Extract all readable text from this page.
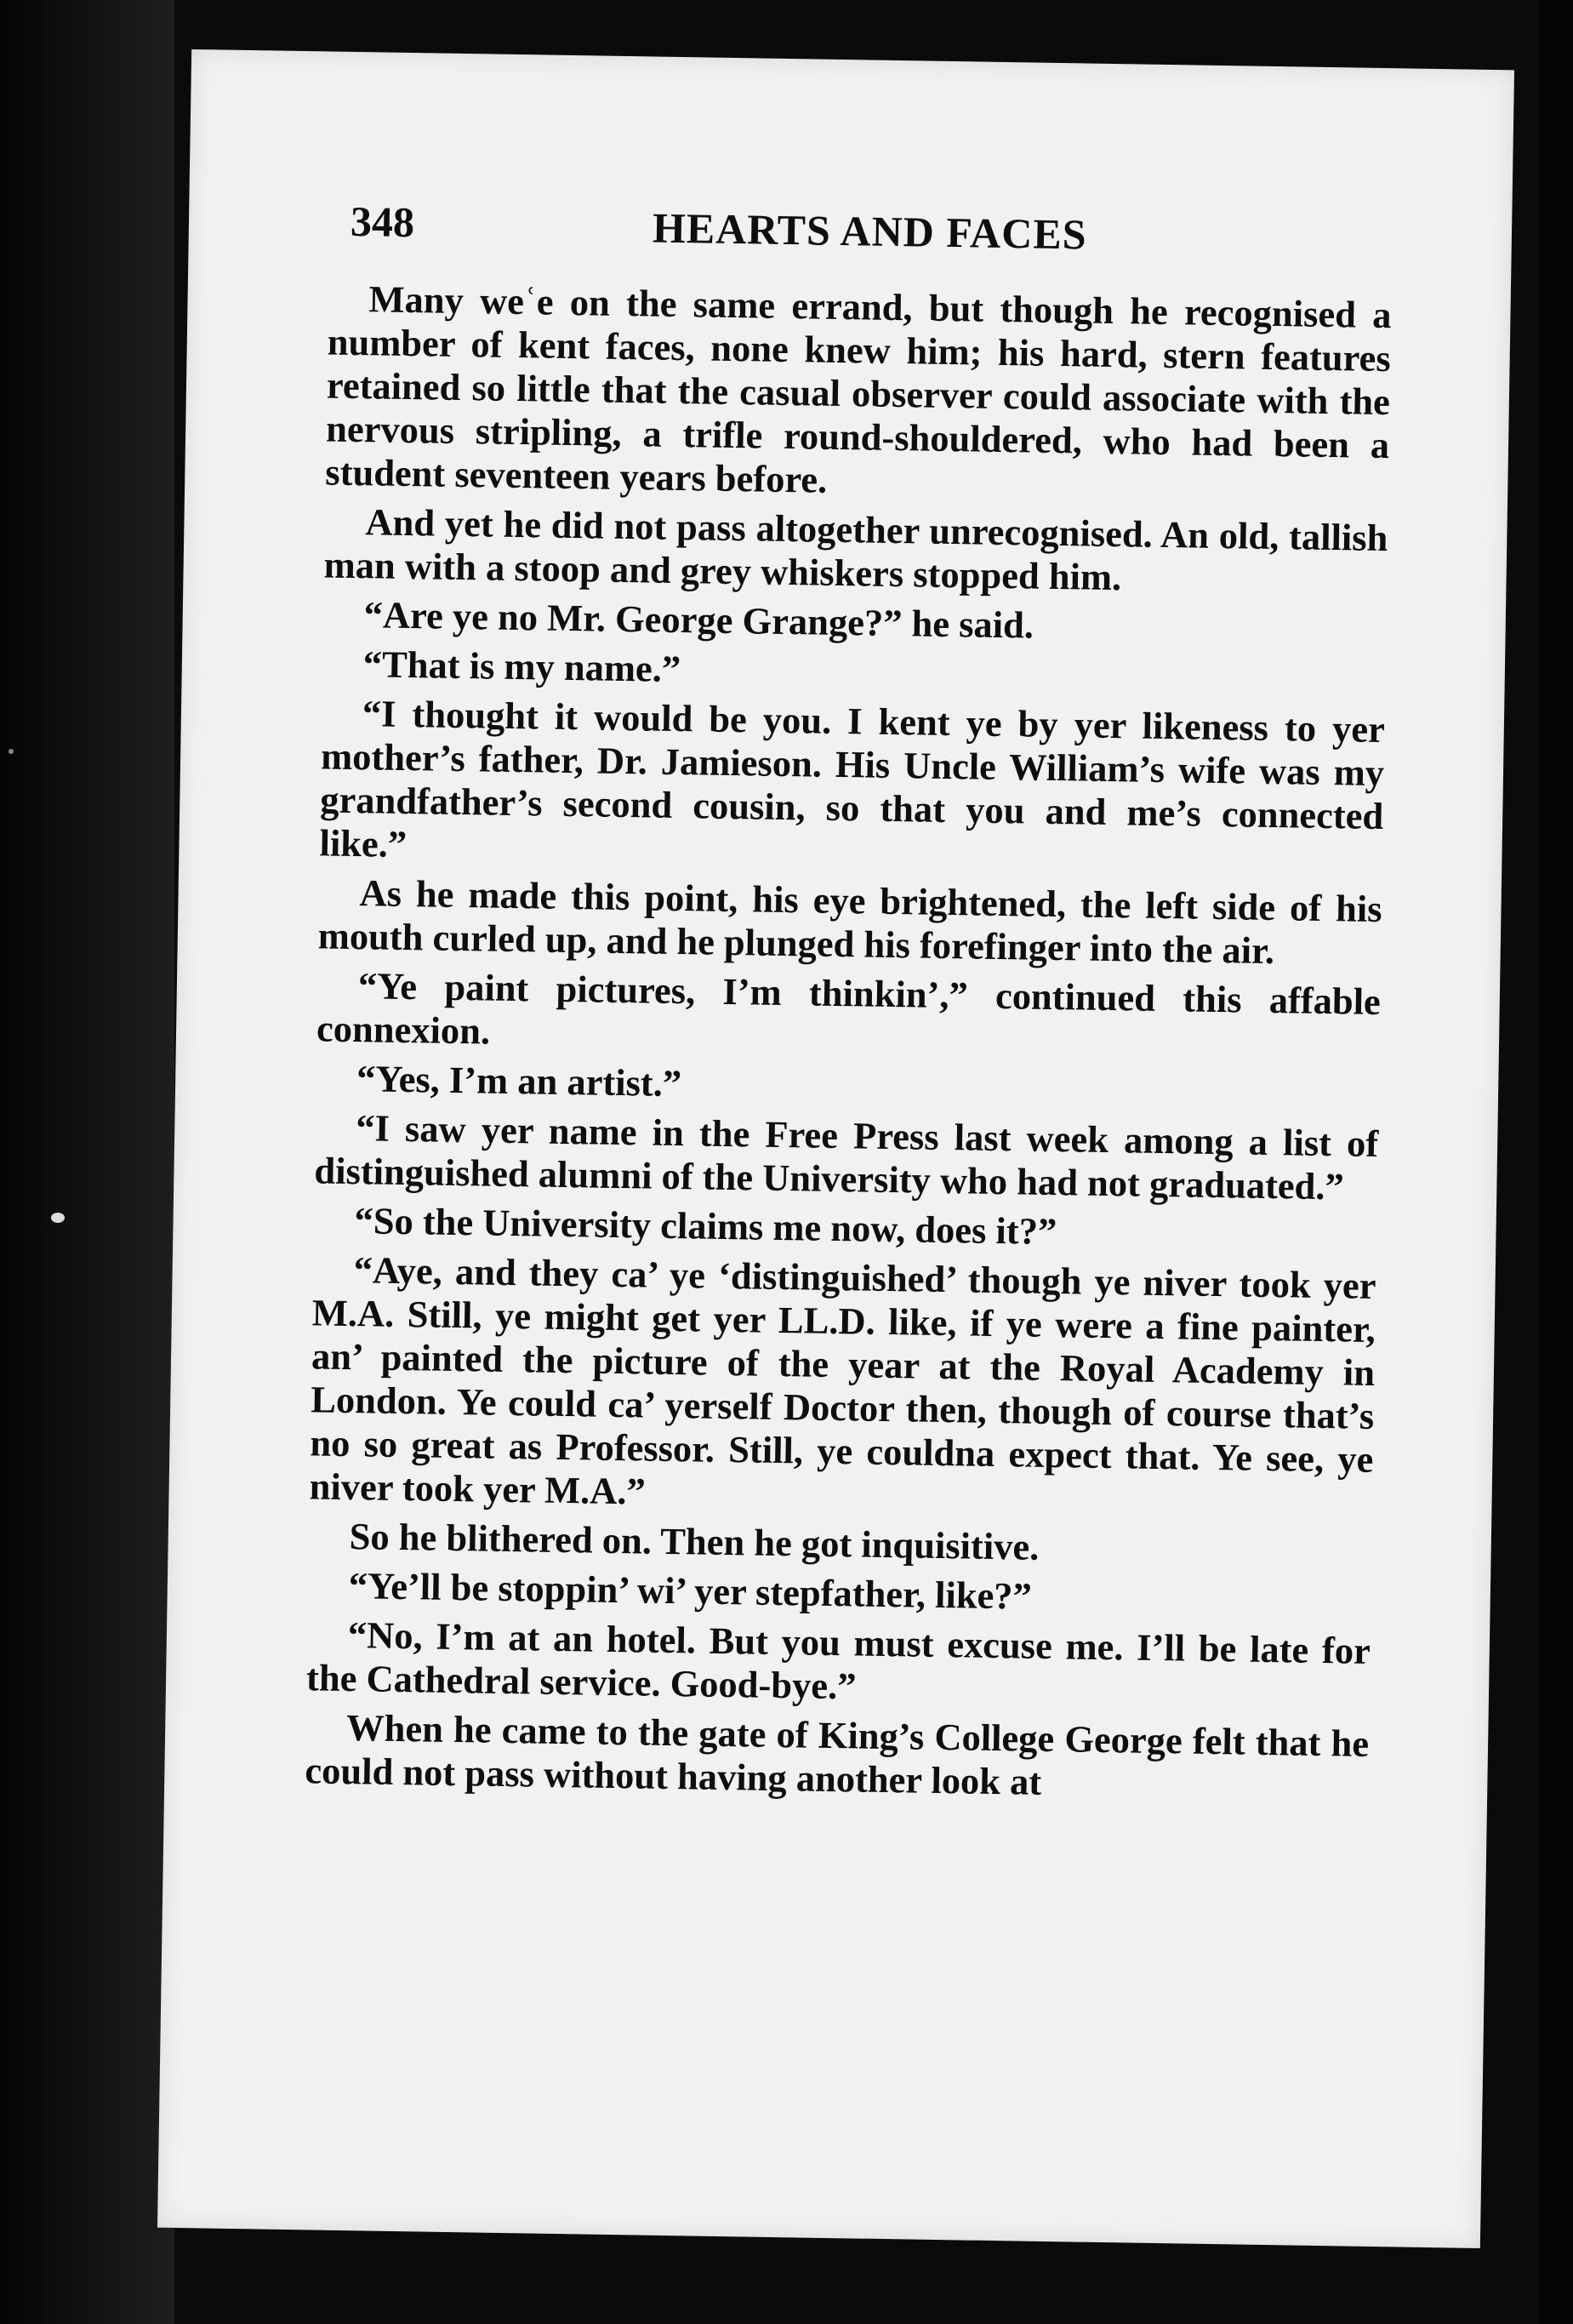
348	HEARTS AND FACES

Many weʿe on the same errand, but though he recognised a number of kent faces, none knew him; his hard, stern features retained so little that the casual observer could associate with the nervous stripling, a trifle round-shouldered, who had been a student seventeen years before.

And yet he did not pass altogether unrecognised. An old, tallish man with a stoop and grey whiskers stopped him.

“Are ye no Mr. George Grange?” he said.

“That is my name.”

“I thought it would be you. I kent ye by yer likeness to yer mother’s father, Dr. Jamieson. His Uncle William’s wife was my grandfather’s second cousin, so that you and me’s connected like.”

As he made this point, his eye brightened, the left side of his mouth curled up, and he plunged his forefinger into the air.

“Ye paint pictures, I’m thinkin’,” continued this affable connexion.

“Yes, I’m an artist.”

“I saw yer name in the Free Press last week among a list of distinguished alumni of the University who had not graduated.”

“So the University claims me now, does it?”

“Aye, and they ca’ ye ‘distinguished’ though ye niver took yer M.A. Still, ye might get yer LL.D. like, if ye were a fine painter, an’ painted the picture of the year at the Royal Academy in London. Ye could ca’ yerself Doctor then, though of course that’s no so great as Professor. Still, ye couldna expect that. Ye see, ye niver took yer M.A.”

So he blithered on. Then he got inquisitive.

“Ye’ll be stoppin’ wi’ yer stepfather, like?”

“No, I’m at an hotel. But you must excuse me. I’ll be late for the Cathedral service. Good-bye.”

When he came to the gate of King’s College George felt that he could not pass without having another look at
